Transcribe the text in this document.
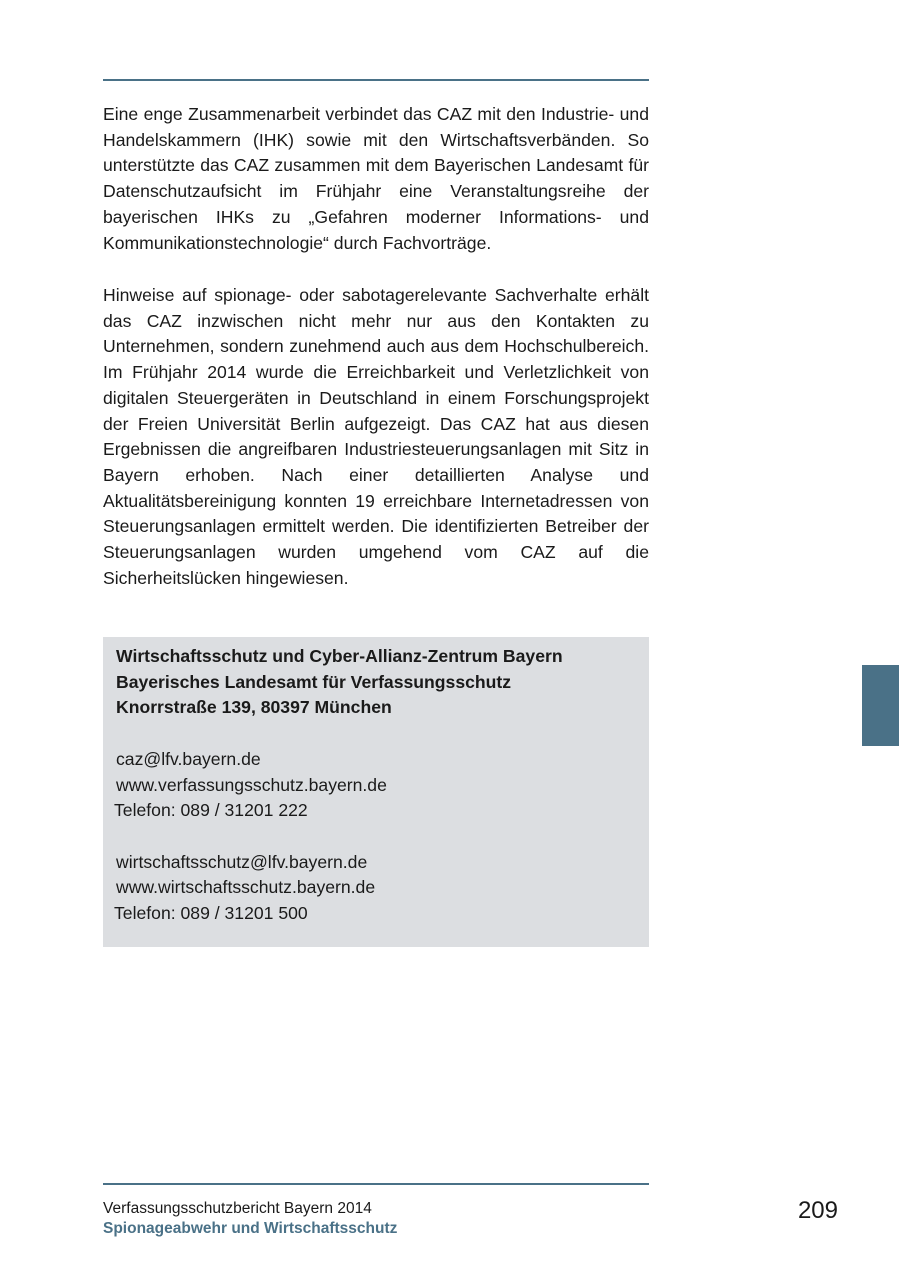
Eine enge Zusammenarbeit verbindet das CAZ mit den Industrie- und Handelskammern (IHK) sowie mit den Wirtschaftsverbänden. So unterstützte das CAZ zusammen mit dem Bayerischen Landesamt für Datenschutzaufsicht im Frühjahr eine Veranstaltungsreihe der bayerischen IHKs zu „Gefahren moderner Informations- und Kommunikationstechnologie“ durch Fachvorträge.

Hinweise auf spionage- oder sabotagerelevante Sachverhalte erhält das CAZ inzwischen nicht mehr nur aus den Kontakten zu Unternehmen, sondern zunehmend auch aus dem Hochschulbereich. Im Frühjahr 2014 wurde die Erreichbarkeit und Verletzlichkeit von digitalen Steuergeräten in Deutschland in einem Forschungsprojekt der Freien Universität Berlin aufgezeigt. Das CAZ hat aus diesen Ergebnissen die angreifbaren Industriesteuerungsanlagen mit Sitz in Bayern erhoben. Nach einer detaillierten Analyse und Aktualitätsbereinigung konnten 19 erreichbare Internetadressen von Steuerungsanlagen ermittelt werden. Die identifizierten Betreiber der Steuerungsanlagen wurden umgehend vom CAZ auf die Sicherheitslücken hingewiesen.

Wirtschaftsschutz und Cyber-Allianz-Zentrum Bayern
Bayerisches Landesamt für Verfassungsschutz
Knorrstraße 139, 80397 München
caz@lfv.bayern.de
www.verfassungsschutz.bayern.de
Telefon: 089 / 31201 222
wirtschaftsschutz@lfv.bayern.de
www.wirtschaftsschutz.bayern.de
Telefon: 089 / 31201 500
Verfassungsschutzbericht Bayern 2014
Spionageabwehr und Wirtschaftsschutz
209
